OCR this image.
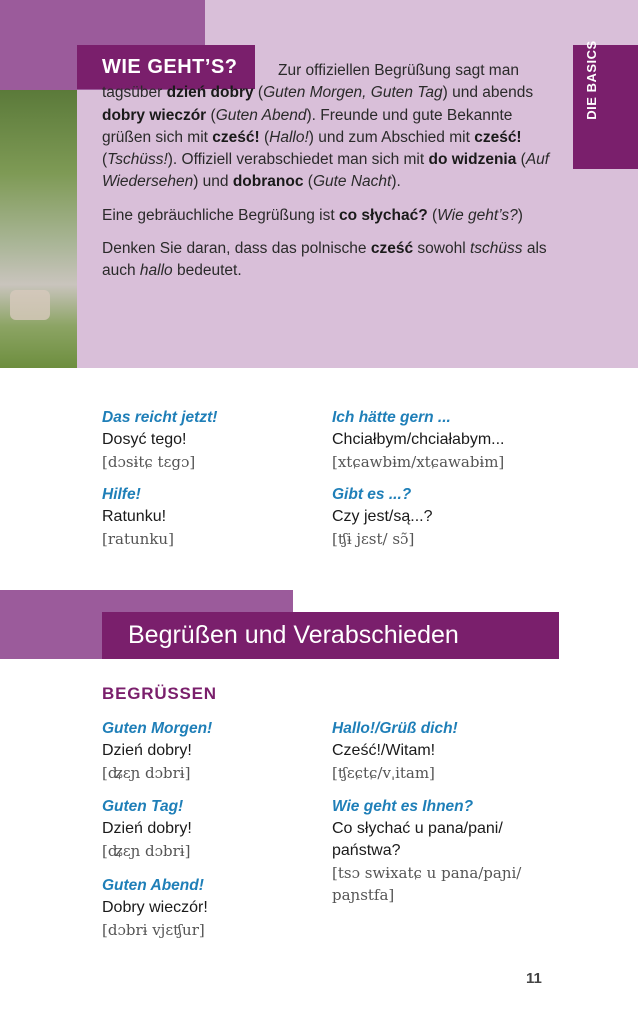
WIE GEHT’S?	DIE BASICS

Zur offiziellen Begrüßung sagt man tagsüber dzień dobry (Guten Morgen, Guten Tag) und abends dobry wieczór (Guten Abend). Freunde und gute Bekannte grüßen sich mit cześć! (Hallo!) und zum Abschied mit cześć! (Tschüss!). Offiziell verabschiedet man sich mit do widzenia (Auf Wiedersehen) und dobranoc (Gute Nacht).

Eine gebräuchliche Begrüßung ist co słychać? (Wie geht’s?)

Denken Sie daran, dass das polnische cześć sowohl tschüss als auch hallo bedeutet.

Das reicht jetzt!
Dosyć tego!
[dɔsɨtɕ tɛgɔ]
Ich hätte gern ...
Chciałbym/chciałabym...
[xtɕawbɨm/xtɕawabɨm]
Hilfe!
Ratunku!
[ratunku]
Gibt es ...?
Czy jest/są...?
[ʧɨ jɛst/ sɔ̃]
Begrüßen und Verabschieden
BEGRÜSSEN
Guten Morgen!
Dzień dobry!
[ʥɛɲ dɔbrɨ]
Hallo!/Grüß dich!
Cześć!/Witam!
[ʧɛɕtɕ/vˌitam]
Guten Tag!
Dzień dobry!
[ʥɛɲ dɔbrɨ]
Wie geht es Ihnen?
Co słychać u pana/pani/ państwa?
[tsɔ swɨxatɕ u pana/paɲi/ paɲstfa]
Guten Abend!
Dobry wieczór!
[dɔbrɨ vjɛʧur]
11
